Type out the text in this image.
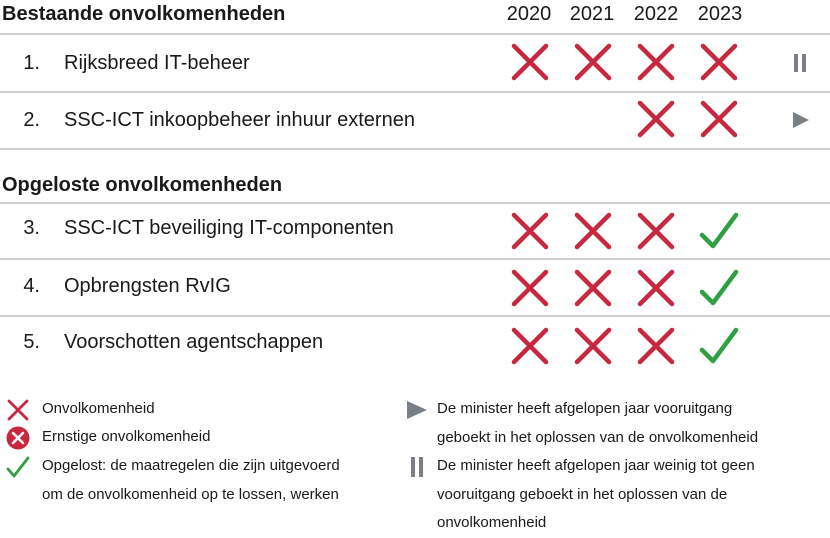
Bestaande onvolkomenheden	2020 2021 2022 2023
Opgeloste onvolkomenheden
1. Rijksbreed IT-beheer
2. SSC-ICT inkoopbeheer inhuur externen
3. SSC-ICT beveiliging IT-componenten
4. Opbrengsten RvIG
5. Voorschotten agentschappen
Onvolkomenheid
Ernstige onvolkomenheid
Opgelost: de maatregelen die zijn uitgevoerd
om de onvolkomenheid op te lossen, werken
De minister heeft afgelopen jaar vooruitgang
geboekt in het oplossen van de onvolkomenheid
De minister heeft afgelopen jaar weinig tot geen
vooruitgang geboekt in het oplossen van de
onvolkomenheid
